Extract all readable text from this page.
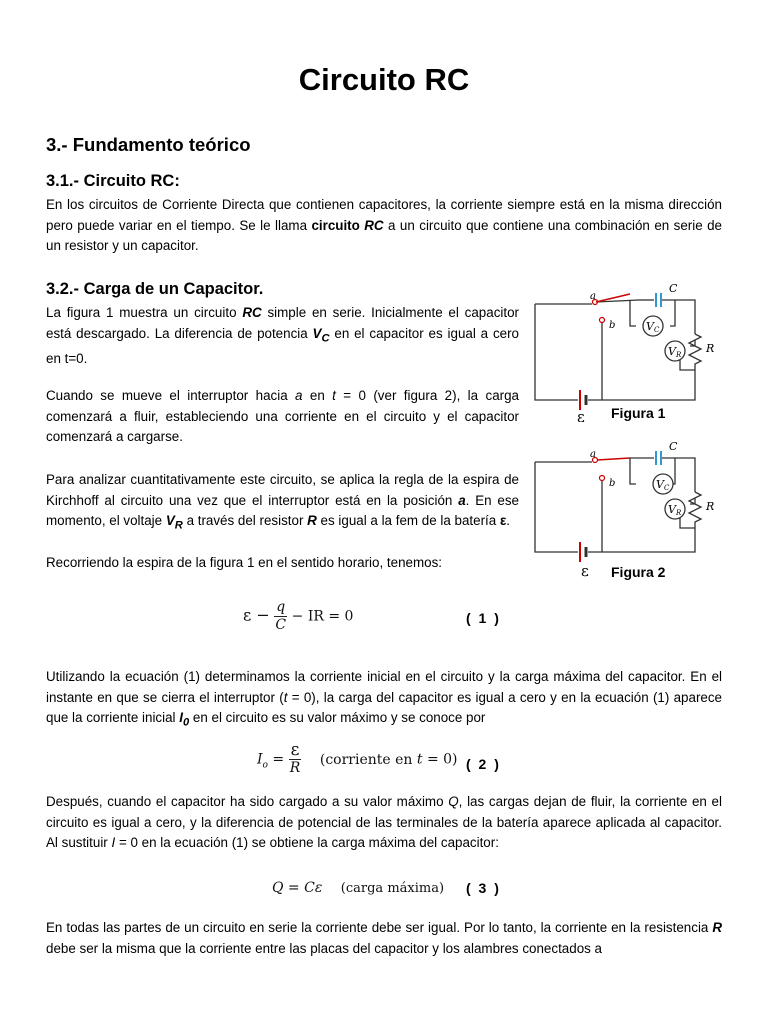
Circuito RC
3.- Fundamento teórico
3.1.- Circuito RC:
En los circuitos de Corriente Directa que contienen capacitores, la corriente siempre está en la misma dirección pero puede variar en el tiempo. Se le llama circuito RC a un circuito que contiene una combinación en serie de un resistor y un capacitor.
3.2.- Carga de un Capacitor.
La figura 1 muestra un circuito RC simple en serie. Inicialmente el capacitor está descargado. La diferencia de potencia $V_C$ en el capacitor es igual a cero en t=0.
Cuando se mueve el interruptor hacia a en t = 0 (ver figura 2), la carga comenzará a fluir, estableciendo una corriente en el circuito y el capacitor comenzará a cargarse.
Para analizar cuantitativamente este circuito, se aplica la regla de la espira de Kirchhoff al circuito una vez que el interruptor está en la posición a. En ese momento, el voltaje $V_R$ a través del resistor R es igual a la fem de la batería ε.
Recorriendo la espira de la figura 1 en el sentido horario, tenemos:
a
b
C
R
VC
VR
ε Figura 1
a
b
C
R
VC
VR
ε Figura 2
$\varepsilon - \frac{q}{C}$ − IR = 0	( 1 )
Utilizando la ecuación (1) determinamos la corriente inicial en el circuito y la carga máxima del capacitor. En el instante en que se cierra el interruptor (t = 0), la carga del capacitor es igual a cero y en la ecuación (1) aparece que la corriente inicial $I_0$ en el circuito es su valor máximo y se conoce por
$I_o = \frac{\varepsilon}{R}$ (corriente en t = 0) ( 2 )
Después, cuando el capacitor ha sido cargado a su valor máximo Q, las cargas dejan de fluir, la corriente en el circuito es igual a cero, y la diferencia de potencial de las terminales de la batería aparece aplicada al capacitor. Al sustituir I = 0 en la ecuación (1) se obtiene la carga máxima del capacitor:
Q = Cε (carga máxima) ( 3 )
En todas las partes de un circuito en serie la corriente debe ser igual. Por lo tanto, la corriente en la resistencia R debe ser la misma que la corriente entre las placas del capacitor y los alambres conectados a
